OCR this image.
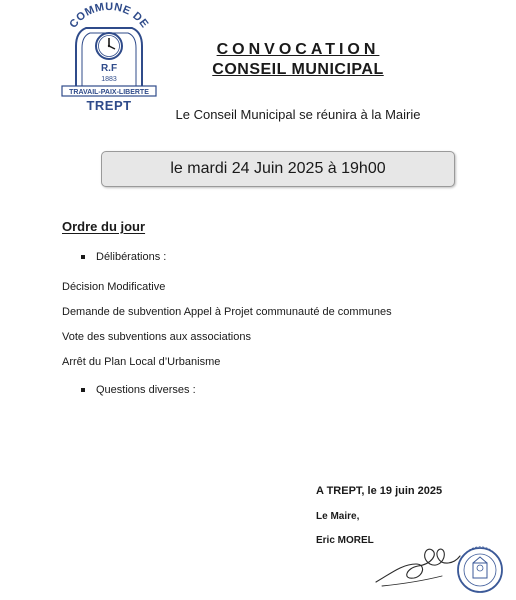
COMMUNE DE
R.F
1883
TRAVAIL-PAIX-LIBERTE
TREPT
CONVOCATION
CONSEIL MUNICIPAL
Le Conseil Municipal se réunira à la Mairie
le mardi 24 Juin 2025 à 19h00
Ordre du jour
Délibérations :
Décision Modificative
Demande de subvention Appel à Projet communauté de communes
Vote des subventions aux associations
Arrêt du Plan Local d’Urbanisme
Questions diverses :
A TREPT, le 19 juin 2025
Le Maire,
Eric MOREL
